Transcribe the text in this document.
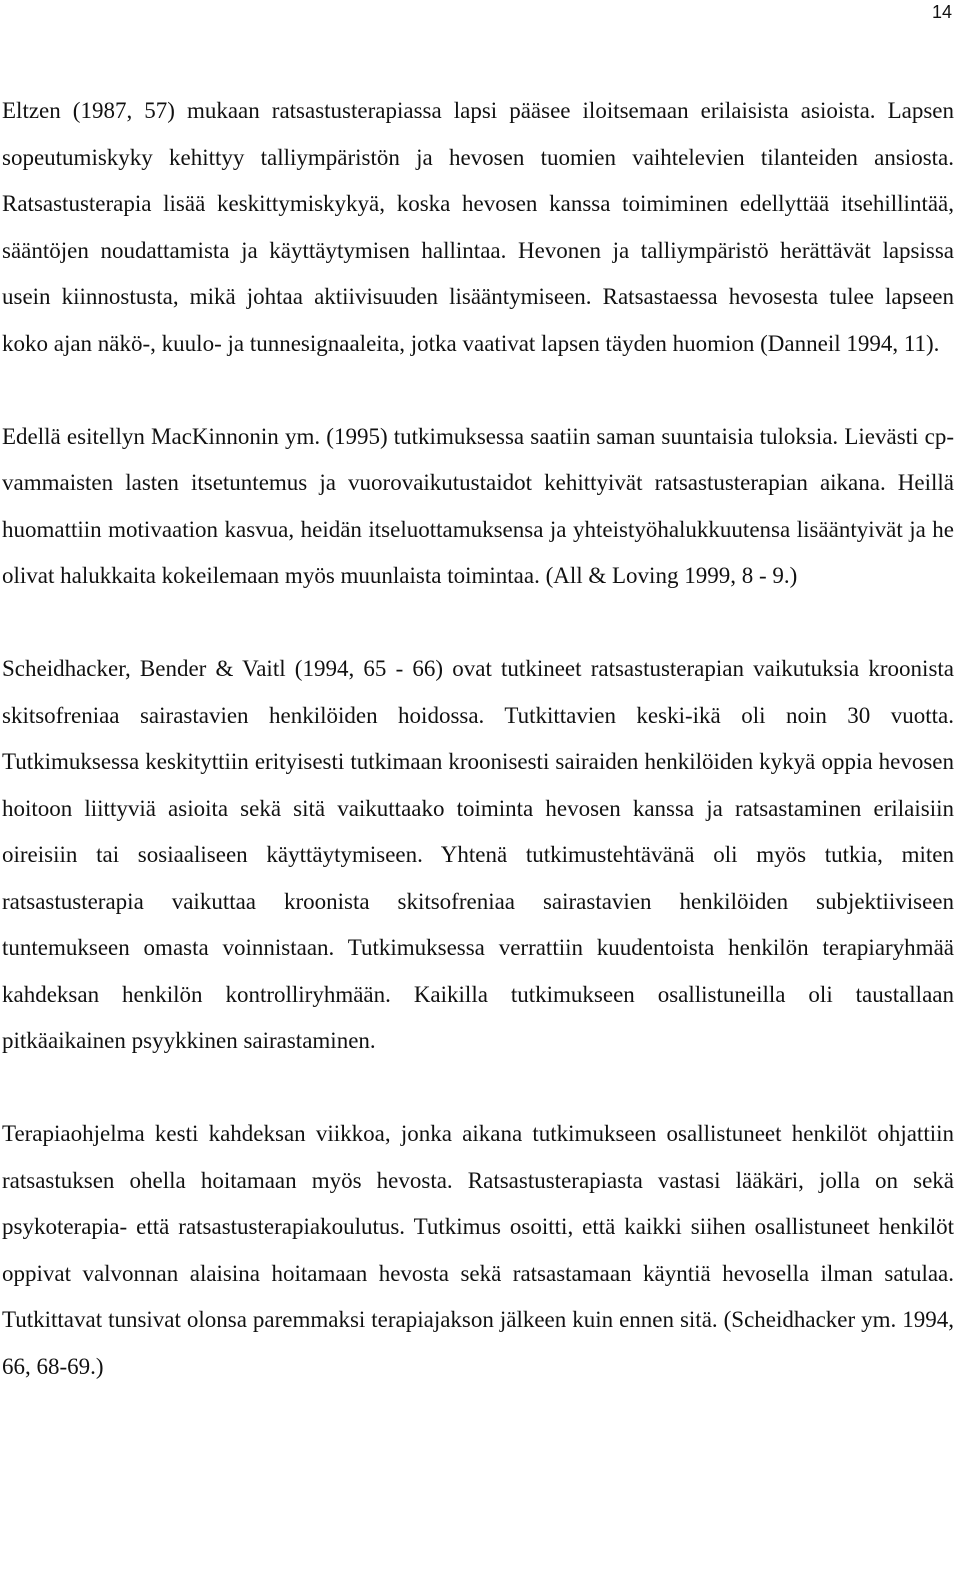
14

Eltzen (1987, 57) mukaan ratsastusterapiassa lapsi pääsee iloitsemaan erilaisista asioista. Lapsen sopeutumiskyky kehittyy talliympäristön ja hevosen tuomien vaihtelevien tilanteiden ansiosta. Ratsastusterapia lisää keskittymiskykyä, koska hevosen kanssa toimiminen edellyttää itsehillintää, sääntöjen noudattamista ja käyttäytymisen hallintaa. Hevonen ja talliympäristö herättävät lapsissa usein kiinnostusta, mikä johtaa aktiivisuuden lisääntymiseen. Ratsastaessa hevosesta tulee lapseen koko ajan näkö-, kuulo- ja tunnesignaaleita, jotka vaativat lapsen täyden huomion (Danneil 1994, 11).

Edellä esitellyn MacKinnonin ym. (1995) tutkimuksessa saatiin saman suuntaisia tuloksia. Lievästi cp-vammaisten lasten itsetuntemus ja vuorovaikutustaidot kehittyivät ratsastusterapian aikana. Heillä huomattiin motivaation kasvua, heidän itseluottamuksensa ja yhteistyöhalukkuutensa lisääntyivät ja he olivat halukkaita kokeilemaan myös muunlaista toimintaa. (All & Loving 1999, 8 - 9.)

Scheidhacker, Bender & Vaitl (1994, 65 - 66) ovat tutkineet ratsastusterapian vaikutuksia kroonista skitsofreniaa sairastavien henkilöiden hoidossa. Tutkittavien keski-ikä oli noin 30 vuotta. Tutkimuksessa keskityttiin erityisesti tutkimaan kroonisesti sairaiden henkilöiden kykyä oppia hevosen hoitoon liittyviä asioita sekä sitä vaikuttaako toiminta hevosen kanssa ja ratsastaminen erilaisiin oireisiin tai sosiaaliseen käyttäytymiseen. Yhtenä tutkimustehtävänä oli myös tutkia, miten ratsastusterapia vaikuttaa kroonista skitsofreniaa sairastavien henkilöiden subjektiiviseen tuntemukseen omasta voinnistaan. Tutkimuksessa verrattiin kuudentoista henkilön terapiaryhmää kahdeksan henkilön kontrolliryhmään. Kaikilla tutkimukseen osallistuneilla oli taustallaan pitkäaikainen psyykkinen sairastaminen.

Terapiaohjelma kesti kahdeksan viikkoa, jonka aikana tutkimukseen osallistuneet henkilöt ohjattiin ratsastuksen ohella hoitamaan myös hevosta. Ratsastusterapiasta vastasi lääkäri, jolla on sekä psykoterapia- että ratsastusterapiakoulutus. Tutkimus osoitti, että kaikki siihen osallistuneet henkilöt oppivat valvonnan alaisina hoitamaan hevosta sekä ratsastamaan käyntiä hevosella ilman satulaa. Tutkittavat tunsivat olonsa paremmaksi terapiajakson jälkeen kuin ennen sitä. (Scheidhacker ym. 1994, 66, 68-69.)
